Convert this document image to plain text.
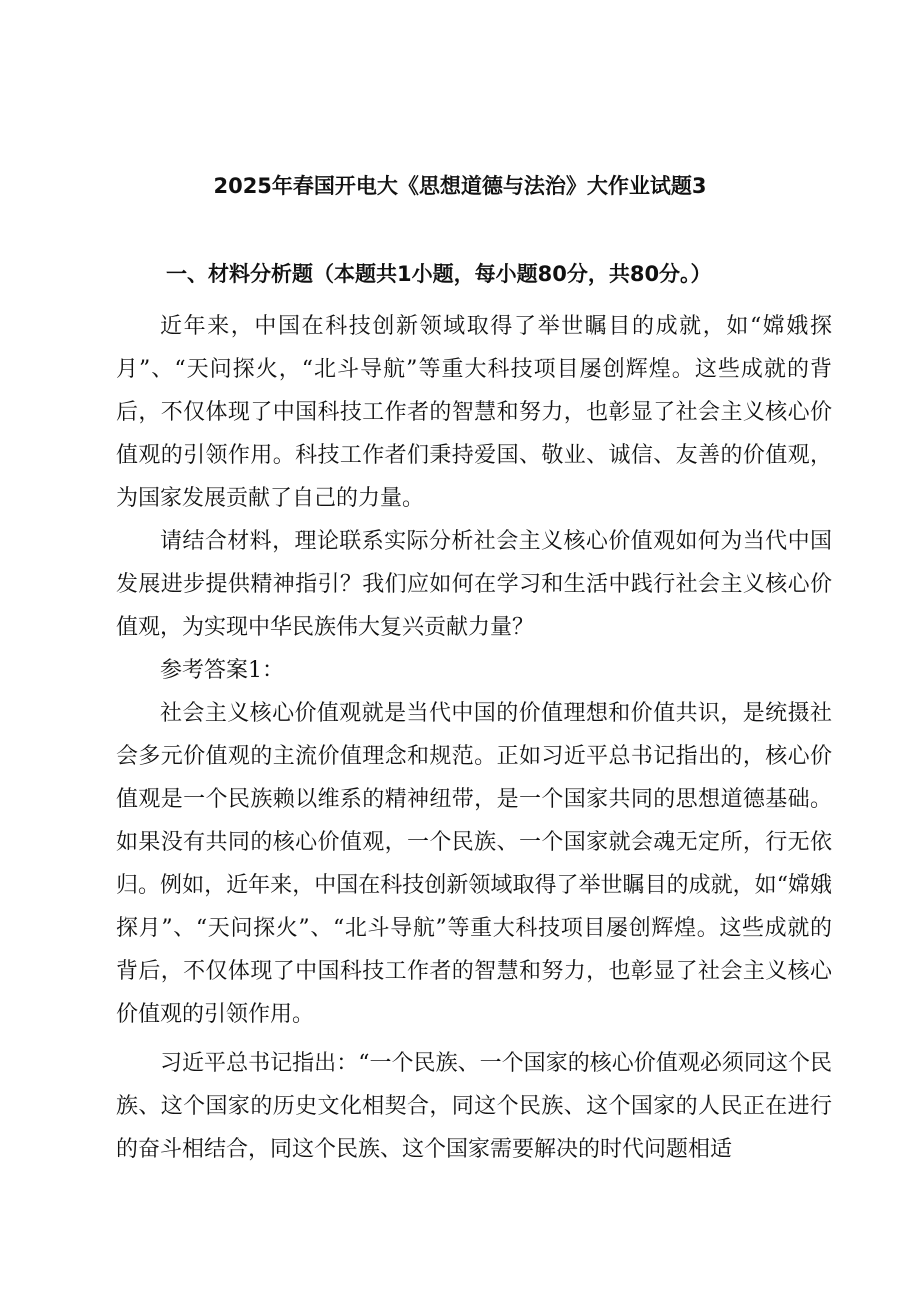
2025年春国开电大《思想道德与法治》大作业试题3
一、材料分析题（本题共1小题，每小题80分，共80分。）

近年来，中国在科技创新领域取得了举世瞩目的成就，如“嫦娥探月”、“天问探火，“北斗导航”等重大科技项目屡创辉煌。这些成就的背后，不仅体现了中国科技工作者的智慧和努力，也彰显了社会主义核心价值观的引领作用。科技工作者们秉持爱国、敬业、诚信、友善的价值观，为国家发展贡献了自己的力量。

请结合材料，理论联系实际分析社会主义核心价值观如何为当代中国发展进步提供精神指引？我们应如何在学习和生活中践行社会主义核心价值观，为实现中华民族伟大复兴贡献力量？

参考答案1：

社会主义核心价值观就是当代中国的价值理想和价值共识，是统摄社会多元价值观的主流价值理念和规范。正如习近平总书记指出的，核心价值观是一个民族赖以维系的精神纽带，是一个国家共同的思想道德基础。如果没有共同的核心价值观，一个民族、一个国家就会魂无定所，行无依归。例如，近年来，中国在科技创新领域取得了举世瞩目的成就，如“嫦娥探月”、“天问探火”、“北斗导航”等重大科技项目屡创辉煌。这些成就的背后，不仅体现了中国科技工作者的智慧和努力，也彰显了社会主义核心价值观的引领作用。

习近平总书记指出：“一个民族、一个国家的核心价值观必须同这个民族、这个国家的历史文化相契合，同这个民族、这个国家的人民正在进行的奋斗相结合，同这个民族、这个国家需要解决的时代问题相适
